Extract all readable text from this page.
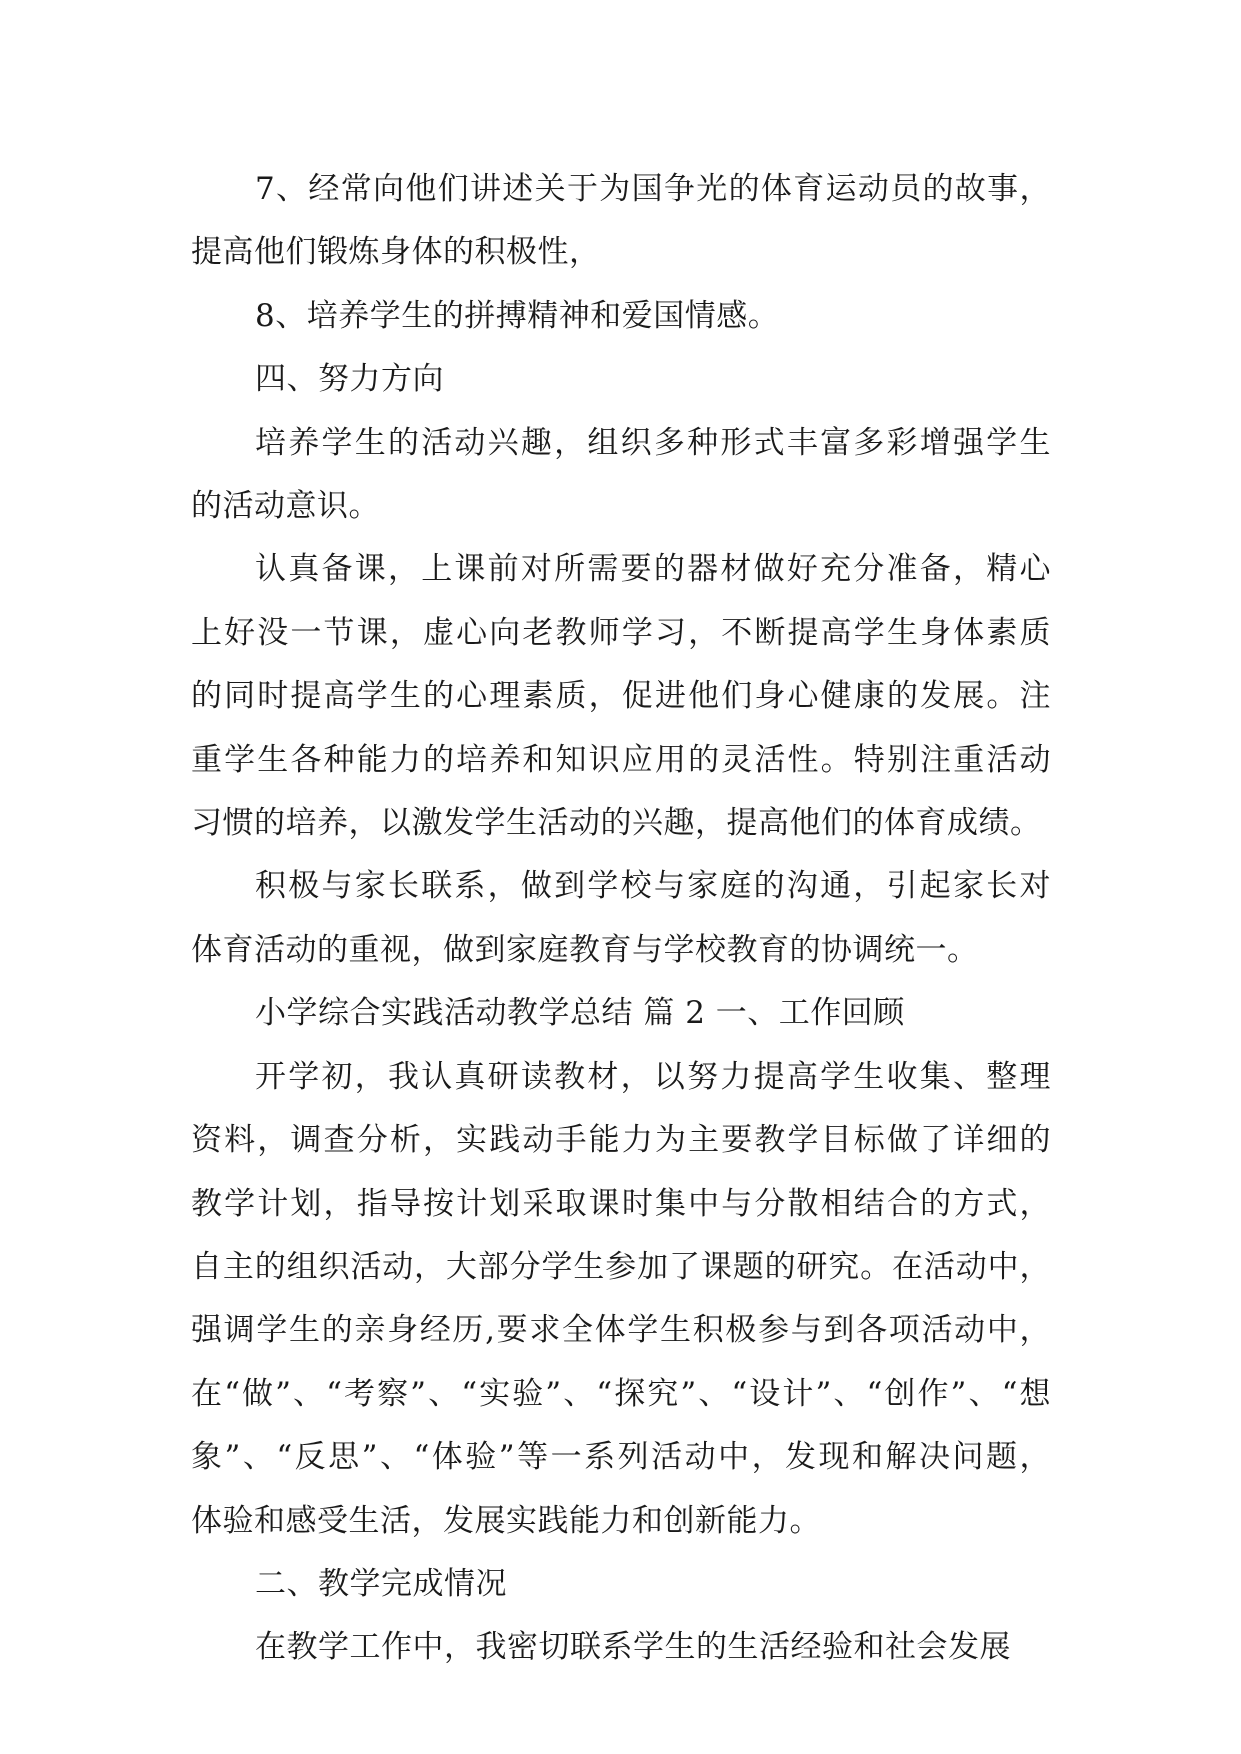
7、经常向他们讲述关于为国争光的体育运动员的故事，
提高他们锻炼身体的积极性，
8、培养学生的拼搏精神和爱国情感。
四、努力方向
培养学生的活动兴趣，组织多种形式丰富多彩增强学生
的活动意识。
认真备课，上课前对所需要的器材做好充分准备，精心
上好没一节课，虚心向老教师学习，不断提高学生身体素质
的同时提高学生的心理素质，促进他们身心健康的发展。注
重学生各种能力的培养和知识应用的灵活性。特别注重活动
习惯的培养，以激发学生活动的兴趣，提高他们的体育成绩。
积极与家长联系，做到学校与家庭的沟通，引起家长对
体育活动的重视，做到家庭教育与学校教育的协调统一。
小学综合实践活动教学总结 篇 2 一、工作回顾
开学初，我认真研读教材，以努力提高学生收集、整理
资料，调查分析，实践动手能力为主要教学目标做了详细的
教学计划，指导按计划采取课时集中与分散相结合的方式，
自主的组织活动，大部分学生参加了课题的研究。在活动中，
强调学生的亲身经历,要求全体学生积极参与到各项活动中，
在“做”、“考察”、“实验”、“探究”、“设计”、“创作”、“想
象”、“反思”、“体验”等一系列活动中，发现和解决问题，
体验和感受生活，发展实践能力和创新能力。
二、教学完成情况
在教学工作中，我密切联系学生的生活经验和社会发展
